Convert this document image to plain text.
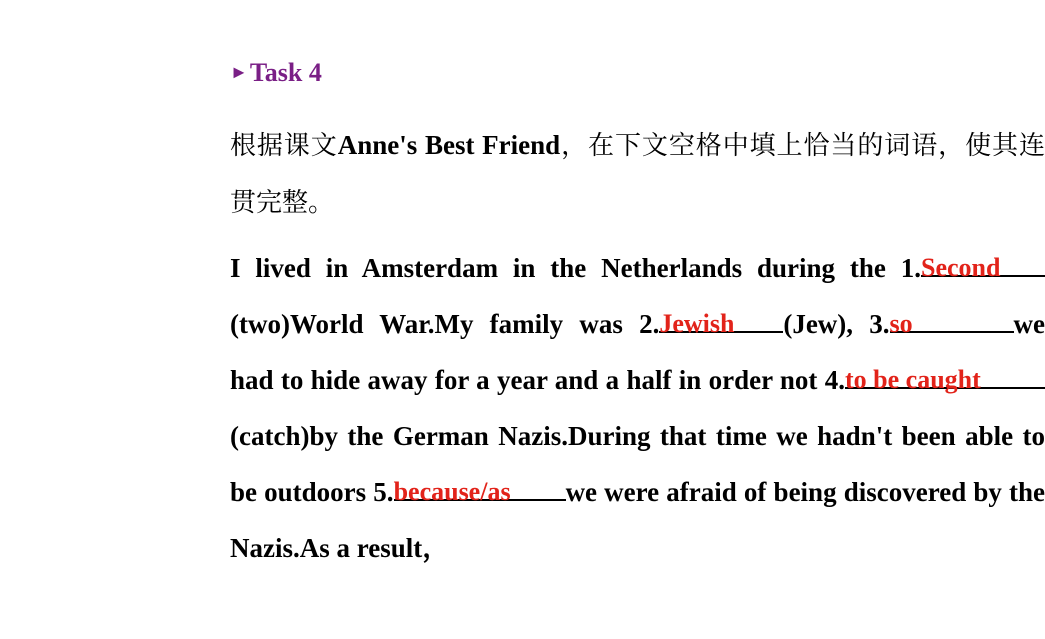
►Task 4
根据课文Anne's Best Friend，在下文空格中填上恰当的词语，使其连贯完整。
I lived in Amsterdam in the Netherlands during the 1. Second
(two)World War.My family was 2. Jewish	(Jew), 3. so	we had to hide away for a year and a half in order not 4. to be caught
(catch)by the German Nazis.During that time we hadn't been able to be outdoors 5. because/as	we were afraid of being discovered by the Nazis.As a result，
